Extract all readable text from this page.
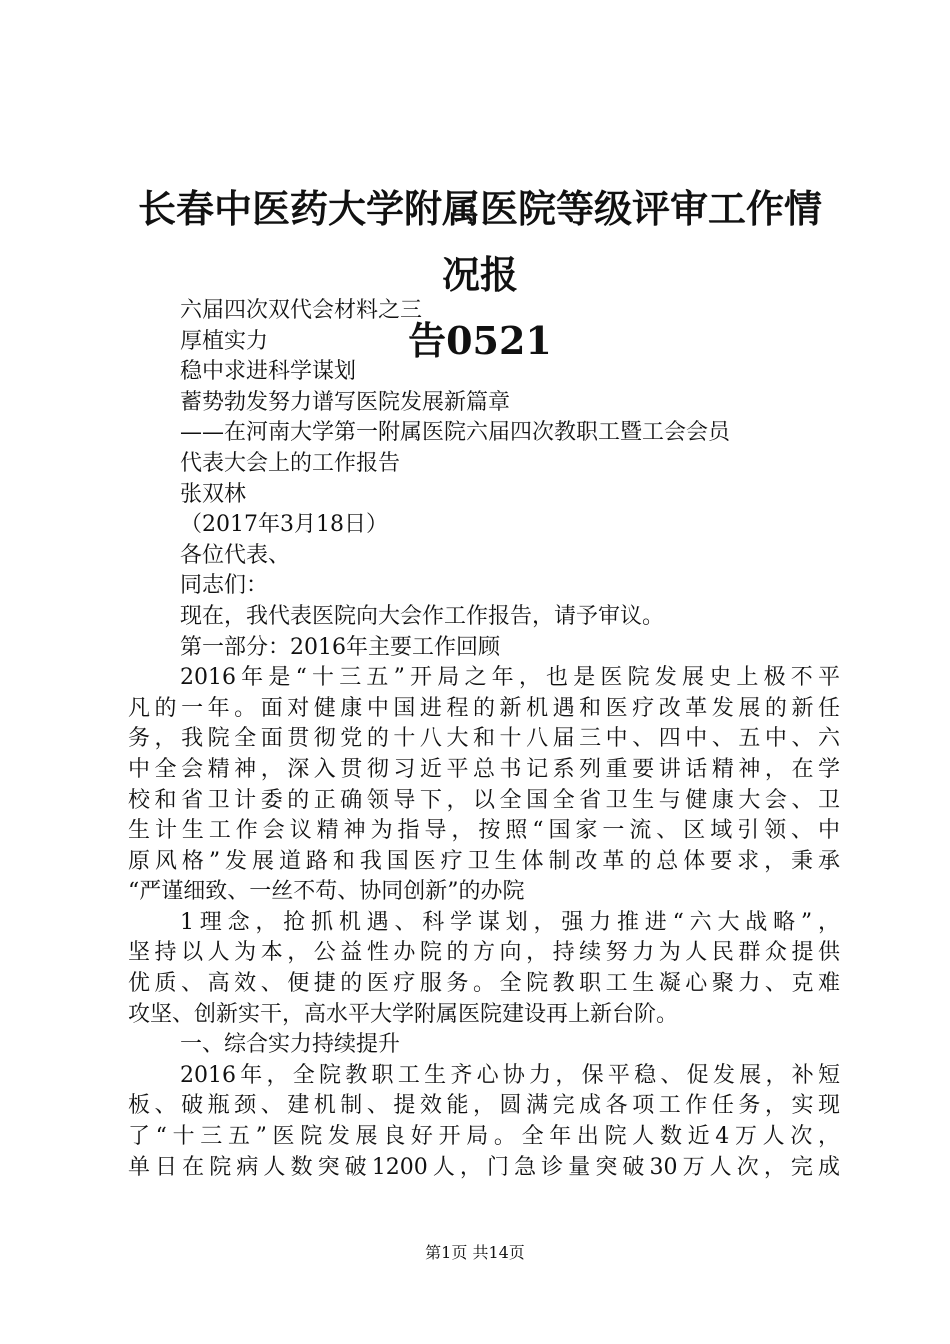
长春中医药大学附属医院等级评审工作情况报
告0521
六届四次双代会材料之三
厚植实力
稳中求进科学谋划
蓄势勃发努力谱写医院发展新篇章
——在河南大学第一附属医院六届四次教职工暨工会会员
代表大会上的工作报告
张双林
（2017年3月18日）
各位代表、
同志们：
现在，我代表医院向大会作工作报告，请予审议。
第一部分：2016年主要工作回顾
2016年是“十三五”开局之年，也是医院发展史上极不平
凡的一年。面对健康中国进程的新机遇和医疗改革发展的新任
务，我院全面贯彻党的十八大和十八届三中、四中、五中、六
中全会精神，深入贯彻习近平总书记系列重要讲话精神，在学
校和省卫计委的正确领导下，以全国全省卫生与健康大会、卫
生计生工作会议精神为指导，按照“国家一流、区域引领、中
原风格”发展道路和我国医疗卫生体制改革的总体要求，秉承
“严谨细致、一丝不苟、协同创新”的办院
1理念，抢抓机遇、科学谋划，强力推进“六大战略”，
坚持以人为本，公益性办院的方向，持续努力为人民群众提供
优质、高效、便捷的医疗服务。全院教职工生凝心聚力、克难
攻坚、创新实干，高水平大学附属医院建设再上新台阶。
一、综合实力持续提升
2016年，全院教职工生齐心协力，保平稳、促发展，补短
板、破瓶颈、建机制、提效能，圆满完成各项工作任务，实现
了“十三五”医院发展良好开局。全年出院人数近4万人次，
单日在院病人数突破1200人，门急诊量突破30万人次，完成
第1页 共14页
